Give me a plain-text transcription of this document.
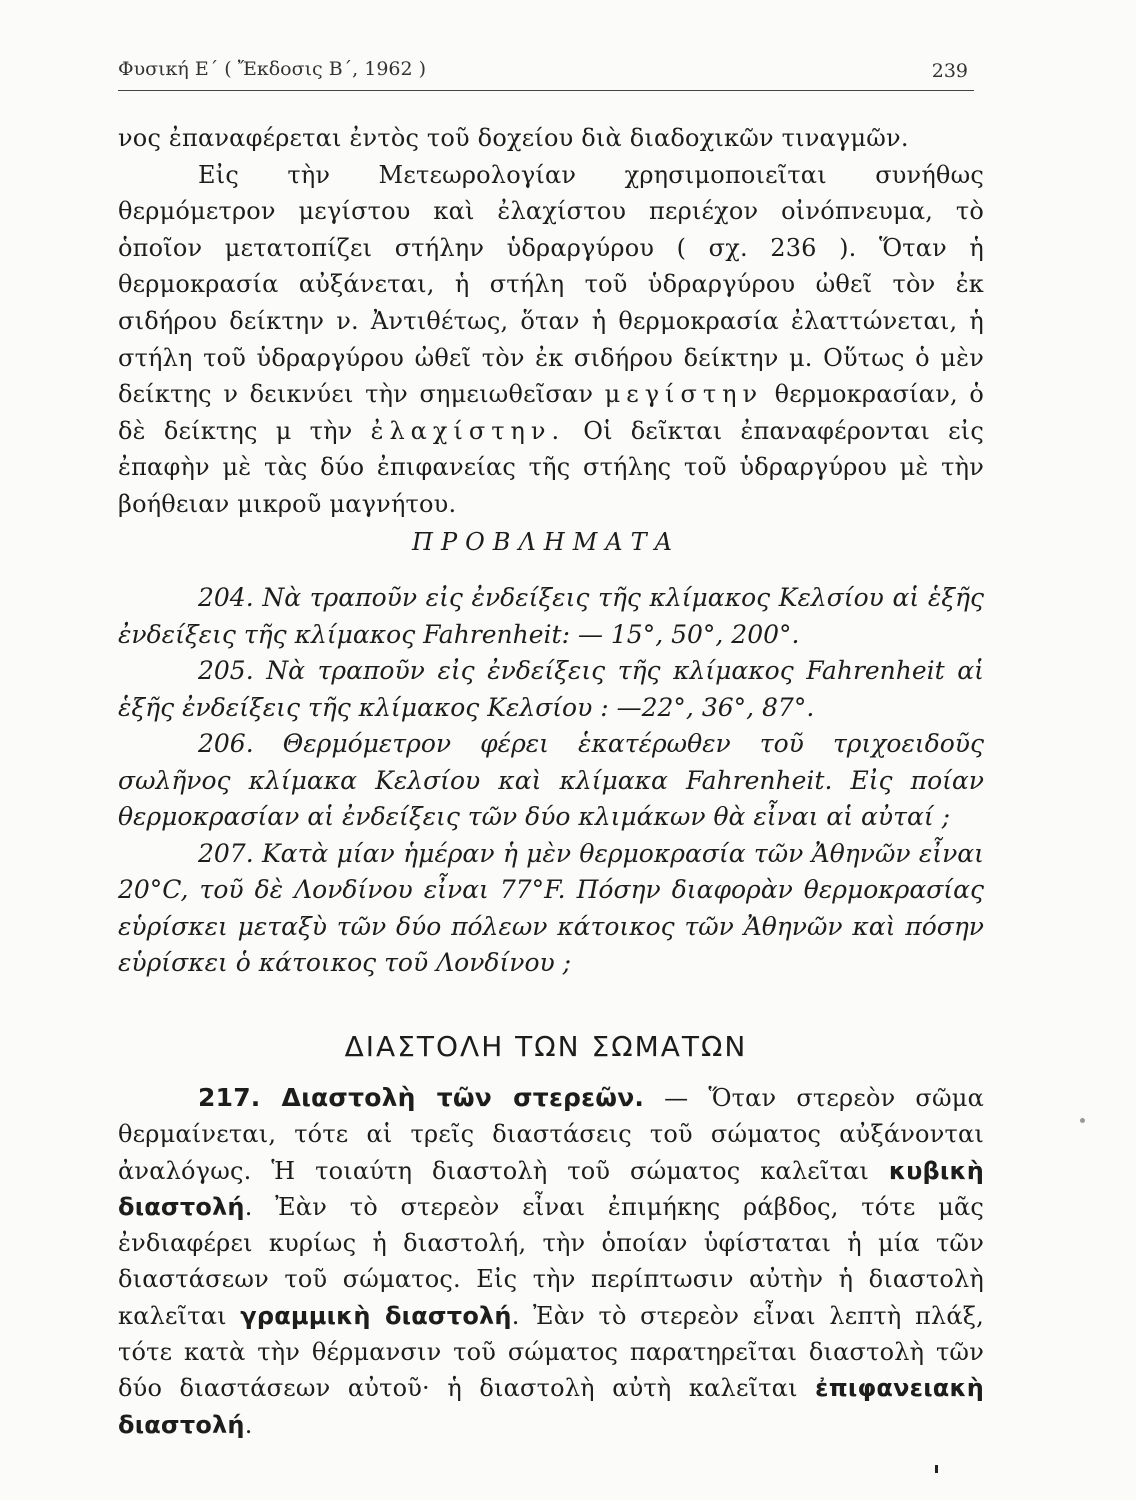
Φυσική Ε΄ ( Ἔκδοσις Β΄, 1962 )	239

νος ἐπαναφέρεται ἐντὸς τοῦ δοχείου διὰ διαδοχικῶν τιναγμῶν.

Εἰς τὴν Μετεωρολογίαν χρησιμοποιεῖται συνήθως θερμόμετρον μεγίστου καὶ ἐλαχίστου περιέχον οἰνόπνευμα, τὸ ὁποῖον μετατοπίζει στήλην ὑδραργύρου ( σχ. 236 ). Ὅταν ἡ θερμοκρασία αὐξάνεται, ἡ στήλη τοῦ ὑδραργύρου ὠθεῖ τὸν ἐκ σιδήρου δείκτην ν. Ἀντιθέτως, ὅταν ἡ θερμοκρασία ἐλαττώνεται, ἡ στήλη τοῦ ὑδραργύρου ὠθεῖ τὸν ἐκ σιδήρου δείκτην μ. Οὕτως ὁ μὲν δείκτης ν δεικνύει τὴν σημειωθεῖσαν μεγίστην θερμοκρασίαν, ὁ δὲ δείκτης μ τὴν ἐλαχίστην. Οἱ δεῖκται ἐπαναφέρονται εἰς ἐπαφὴν μὲ τὰς δύο ἐπιφανείας τῆς στήλης τοῦ ὑδραργύρου μὲ τὴν βοήθειαν μικροῦ μαγνήτου.

ΠΡΟΒΛΗΜΑΤΑ

204. Νὰ τραποῦν εἰς ἐνδείξεις τῆς κλίμακος Κελσίου αἱ ἑξῆς ἐνδείξεις τῆς κλίμακος Fahrenheit: — 15°, 50°, 200°.

205. Νὰ τραποῦν εἰς ἐνδείξεις τῆς κλίμακος Fahrenheit αἱ ἑξῆς ἐνδείξεις τῆς κλίμακος Κελσίου : —22°, 36°, 87°.

206. Θερμόμετρον φέρει ἑκατέρωθεν τοῦ τριχοειδοῦς σωλῆνος κλίμακα Κελσίου καὶ κλίμακα Fahrenheit. Εἰς ποίαν θερμοκρασίαν αἱ ἐνδείξεις τῶν δύο κλιμάκων θὰ εἶναι αἱ αὐταί ;

207. Κατὰ μίαν ἡμέραν ἡ μὲν θερμοκρασία τῶν Ἀθηνῶν εἶναι 20°C, τοῦ δὲ Λονδίνου εἶναι 77°F. Πόσην διαφορὰν θερμοκρασίας εὑρίσκει μεταξὺ τῶν δύο πόλεων κάτοικος τῶν Ἀθηνῶν καὶ πόσην εὑρίσκει ὁ κάτοικος τοῦ Λονδίνου ;

ΔΙΑΣΤΟΛΗ ΤΩΝ ΣΩΜΑΤΩΝ

217. Διαστολὴ τῶν στερεῶν. — Ὅταν στερεὸν σῶμα θερμαίνεται, τότε αἱ τρεῖς διαστάσεις τοῦ σώματος αὐξάνονται ἀναλόγως. Ἡ τοιαύτη διαστολὴ τοῦ σώματος καλεῖται κυβικὴ διαστολή. Ἐὰν τὸ στερεὸν εἶναι ἐπιμήκης ράβδος, τότε μᾶς ἐνδιαφέρει κυρίως ἡ διαστολή, τὴν ὁποίαν ὑφίσταται ἡ μία τῶν διαστάσεων τοῦ σώματος. Εἰς τὴν περίπτωσιν αὐτὴν ἡ διαστολὴ καλεῖται γραμμικὴ διαστολή. Ἐὰν τὸ στερεὸν εἶναι λεπτὴ πλάξ, τότε κατὰ τὴν θέρμανσιν τοῦ σώματος παρατηρεῖται διαστολὴ τῶν δύο διαστάσεων αὐτοῦ· ἡ διαστολὴ αὐτὴ καλεῖται ἐπιφανειακὴ διαστολή.
